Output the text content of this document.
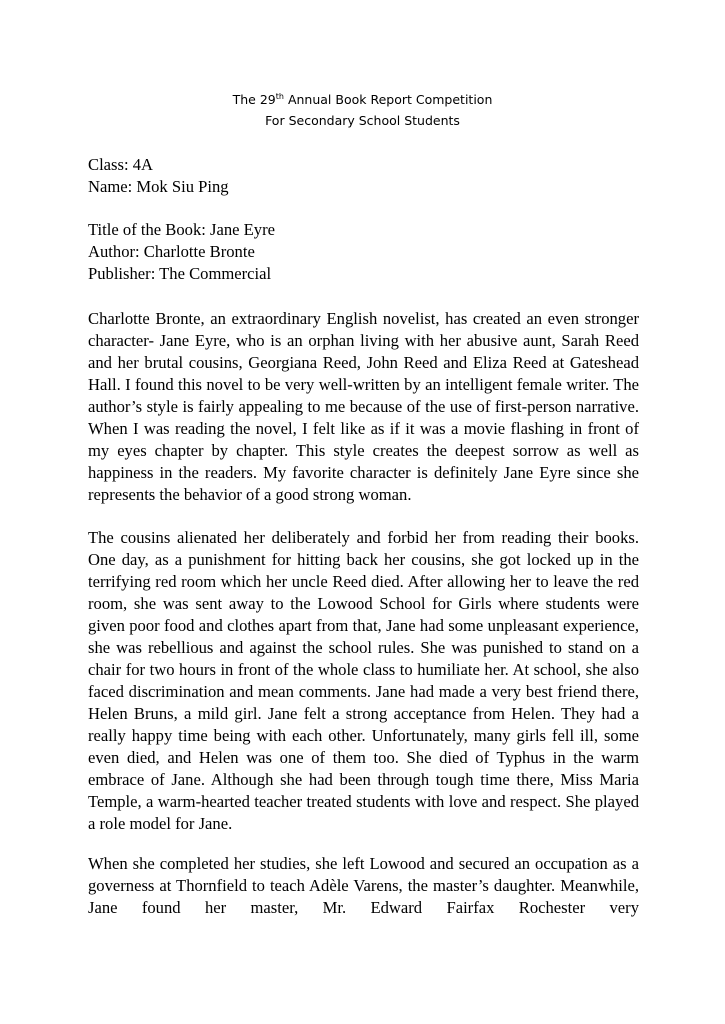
The 29th Annual Book Report Competition
For Secondary School Students
Class: 4A
Name: Mok Siu Ping
Title of the Book: Jane Eyre
Author: Charlotte Bronte
Publisher: The Commercial

Charlotte Bronte, an extraordinary English novelist, has created an even stronger character- Jane Eyre, who is an orphan living with her abusive aunt, Sarah Reed and her brutal cousins, Georgiana Reed, John Reed and Eliza Reed at Gateshead Hall. I found this novel to be very well-written by an intelligent female writer. The author’s style is fairly appealing to me because of the use of first-person narrative. When I was reading the novel, I felt like as if it was a movie flashing in front of my eyes chapter by chapter. This style creates the deepest sorrow as well as happiness in the readers. My favorite character is definitely Jane Eyre since she represents the behavior of a good strong woman.

The cousins alienated her deliberately and forbid her from reading their books. One day, as a punishment for hitting back her cousins, she got locked up in the terrifying red room which her uncle Reed died. After allowing her to leave the red room, she was sent away to the Lowood School for Girls where students were given poor food and clothes apart from that, Jane had some unpleasant experience, she was rebellious and against the school rules. She was punished to stand on a chair for two hours in front of the whole class to humiliate her. At school, she also faced discrimination and mean comments. Jane had made a very best friend there, Helen Bruns, a mild girl. Jane felt a strong acceptance from Helen. They had a really happy time being with each other. Unfortunately, many girls fell ill, some even died, and Helen was one of them too. She died of Typhus in the warm embrace of Jane. Although she had been through tough time there, Miss Maria Temple, a warm-hearted teacher treated students with love and respect. She played a role model for Jane.

When she completed her studies, she left Lowood and secured an occupation as a governess at Thornfield to teach Adèle Varens, the master’s daughter. Meanwhile, Jane found her master, Mr. Edward Fairfax Rochester very
